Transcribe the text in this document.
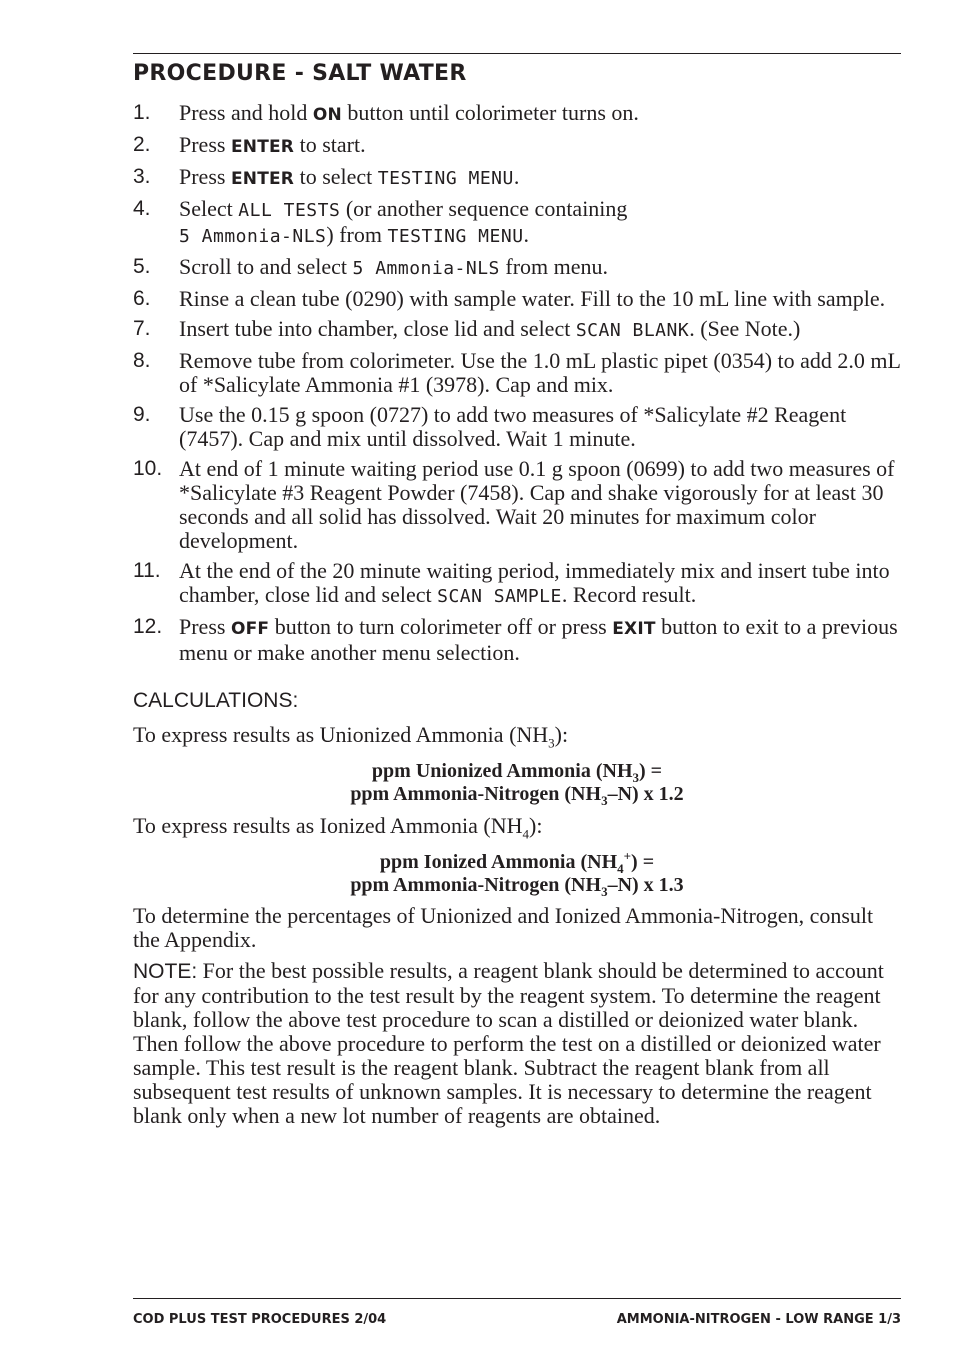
PROCEDURE - SALT WATER
1.	Press and hold ON button until colorimeter turns on.
2.	Press ENTER to start.
3.	Press ENTER to select TESTING MENU.
4.	Select ALL TESTS (or another sequence containing
5 Ammonia-NLS) from TESTING MENU.
5.	Scroll to and select 5 Ammonia-NLS from menu.
6.	Rinse a clean tube (0290) with sample water. Fill to the 10 mL line with sample.
7.	Insert tube into chamber, close lid and select SCAN BLANK. (See Note.)
8.	Remove tube from colorimeter. Use the 1.0 mL plastic pipet (0354) to add 2.0 mL of *Salicylate Ammonia #1 (3978). Cap and mix.
9.	Use the 0.15 g spoon (0727) to add two measures of *Salicylate #2 Reagent (7457). Cap and mix until dissolved. Wait 1 minute.
10. At end of 1 minute waiting period use 0.1 g spoon (0699) to add two measures of *Salicylate #3 Reagent Powder (7458). Cap and shake vigorously for at least 30 seconds and all solid has dissolved. Wait 20 minutes for maximum color development.
11. At the end of the 20 minute waiting period, immediately mix and insert tube into chamber, close lid and select SCAN SAMPLE. Record result.
12. Press OFF button to turn colorimeter off or press EXIT button to exit to a previous menu or make another menu selection.
CALCULATIONS:
To express results as Unionized Ammonia $(NH_3)$:
ppm Unionized Ammonia $(NH_3)$ =
ppm Ammonia-Nitrogen $(NH_3-N)$ x 1.2
To express results as Ionized Ammonia $(NH_4)$:
ppm Ionized Ammonia $(NH_4^+)$ =
ppm Ammonia-Nitrogen $(NH_3-N)$ x 1.3
To determine the percentages of Unionized and Ionized Ammonia-Nitrogen, consult the Appendix.
NOTE: For the best possible results, a reagent blank should be determined to account for any contribution to the test result by the reagent system. To determine the reagent blank, follow the above test procedure to scan a distilled or deionized water blank. Then follow the above procedure to perform the test on a distilled or deionized water sample. This test result is the reagent blank. Subtract the reagent blank from all subsequent test results of unknown samples. It is necessary to determine the reagent blank only when a new lot number of reagents are obtained.
COD PLUS TEST PROCEDURES 2/04	AMMONIA-NITROGEN - LOW RANGE 1/3
